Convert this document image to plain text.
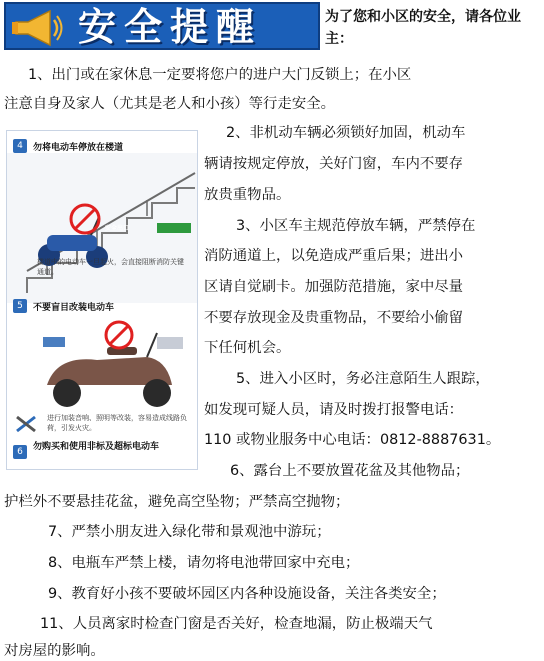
安全提醒	为了您和小区的安全，请各位业主：
1、出门或在家休息一定要将您户的进户大门反锁上；在小区
注意自身及家人（尤其是老人和小孩）等行走安全。
4	勿将电动车停放在楼道
安全出口
楼道中的电动车一旦起火，会直接阻断消防关键通道。
5	不要盲目改装电动车
进行加装音响、照明等改装，容易造成线路负荷，引发火灾。
6	勿购买和使用非标及超标电动车
2、非机动车辆必须锁好加固，机动车
辆请按规定停放，关好门窗，车内不要存
放贵重物品。
3、小区车主规范停放车辆，严禁停在
消防通道上，以免造成严重后果；进出小
区请自觉刷卡。加强防范措施，家中尽量
不要存放现金及贵重物品，不要给小偷留
下任何机会。
5、进入小区时，务必注意陌生人跟踪，
如发现可疑人员，请及时拨打报警电话：
110 或物业服务中心电话：0812-8887631。
6、露台上不要放置花盆及其他物品；
护栏外不要悬挂花盆，避免高空坠物；严禁高空抛物；
7、严禁小朋友进入绿化带和景观池中游玩；
8、电瓶车严禁上楼，请勿将电池带回家中充电；
9、教育好小孩不要破坏园区内各种设施设备，关注各类安全；
11、人员离家时检查门窗是否关好，检查地漏，防止极端天气
对房屋的影响。
